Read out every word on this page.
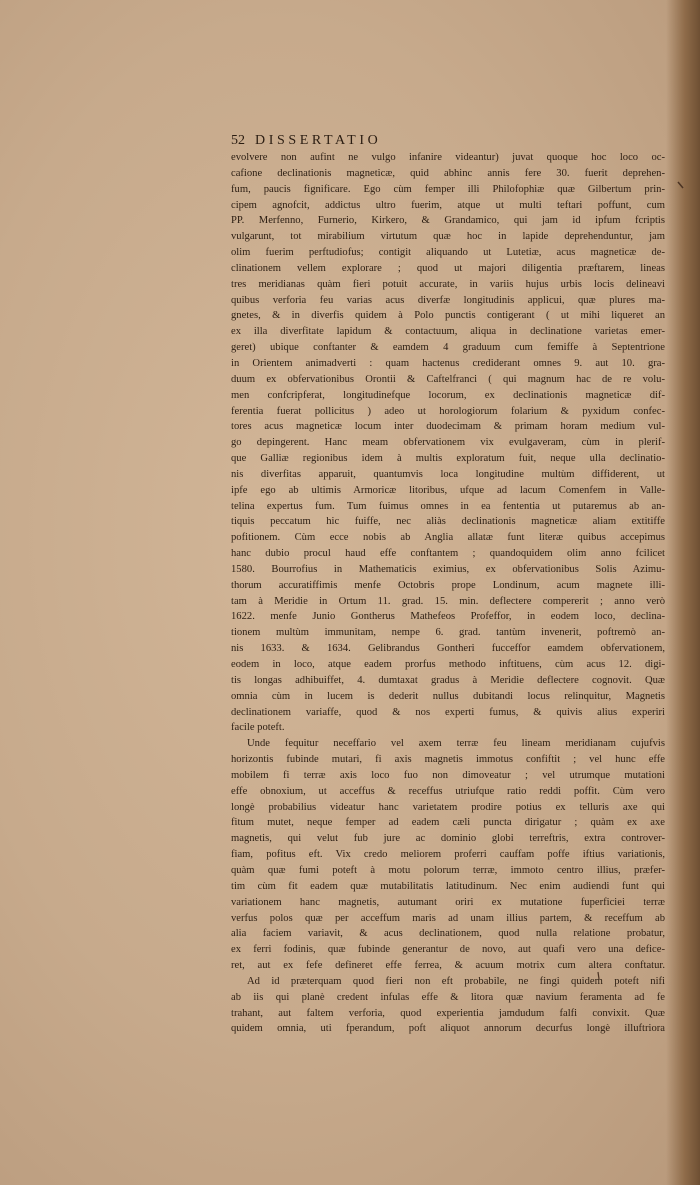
52 DISSERTATIO
evolvere non aufint ne vulgo infanire videantur) juvat quoque hoc loco oc-
cafione declinationis magneticæ, quid abhinc annis fere 30. fuerit deprehen-
fum, paucis fignificare. Ego cùm femper illi Philofophiæ quæ Gilbertum prin-
cipem agnofcit, addictus ultro fuerim, atque ut multi teftari poffunt, cum
PP. Merfenno, Furnerio, Kirkero, & Grandamico, qui jam id ipfum fcriptis
vulgarunt, tot mirabilium virtutum quæ hoc in lapide deprehenduntur, jam
olim fuerim perftudiofus; contigit aliquando ut Lutetiæ, acus magneticæ de-
clinationem vellem explorare ; quod ut majori diligentia præftarem, lineas
tres meridianas quàm fieri potuit accurate, in variis hujus urbis locis delineavi
quibus verforia feu varias acus diverfæ longitudinis applicui, quæ plures ma-
gnetes, & in diverfis quidem à Polo punctis contigerant ( ut mihi liqueret an
ex illa diverfitate lapidum & contactuum, aliqua in declinatione varietas emer-
geret) ubique conftanter & eamdem 4 graduum cum femiffe à Septentrione
in Orientem animadverti : quam hactenus crediderant omnes 9. aut 10. gra-
duum ex obfervationibus Orontii & Caftelfranci ( qui magnum hac de re volu-
men confcripferat, longitudinefque locorum, ex declinationis magneticæ dif-
ferentia fuerat pollicitus ) adeo ut horologiorum folarium & pyxidum confec-
tores acus magneticæ locum inter duodecimam & primam horam medium vul-
go depingerent. Hanc meam obfervationem vix evulgaveram, cùm in plerif-
que Galliæ regionibus idem à multis exploratum fuit, neque ulla declinatio-
nis diverfitas apparuit, quantumvis loca longitudine multùm diffiderent, ut
ipfe ego ab ultimis Armoricæ litoribus, ufque ad lacum Comenfem in Valle-
telina expertus fum. Tum fuimus omnes in ea fententia ut putaremus ab an-
tiquis peccatum hic fuiffe, nec aliàs declinationis magneticæ aliam extitiffe
pofitionem. Cùm ecce nobis ab Anglia allatæ funt literæ quibus accepimus
hanc dubio procul haud effe conftantem ; quandoquidem olim anno fcilicet
1580. Bourrofius in Mathematicis eximius, ex obfervationibus Solis Azimu-
thorum accuratiffimis menfe Octobris prope Londinum, acum magnete illi-
tam à Meridie in Ortum 11. grad. 15. min. deflectere compererit ; anno verò
1622. menfe Junio Gontherus Mathefeos Profeffor, in eodem loco, declina-
tionem multùm immunitam, nempe 6. grad. tantùm invenerit, poftremò an-
nis 1633. & 1634. Gelibrandus Gontheri fucceffor eamdem obfervationem,
eodem in loco, atque eadem prorfus methodo inftituens, cùm acus 12. digi-
tis longas adhibuiffet, 4. dumtaxat gradus à Meridie deflectere cognovit. Quæ
omnia cùm in lucem is dederit nullus dubitandi locus relinquitur, Magnetis
declinationem variaffe, quod & nos experti fumus, & quivis alius experiri
facile poteft.
Unde fequitur neceffario vel axem terræ feu lineam meridianam cujufvis
horizontis fubinde mutari, fi axis magnetis immotus confiftit ; vel hunc effe
mobilem fi terræ axis loco fuo non dimoveatur ; vel utrumque mutationi
effe obnoxium, ut acceffus & receffus utriufque ratio reddi poffit. Cùm vero
longè probabilius videatur hanc varietatem prodire potius ex telluris axe qui
fitum mutet, neque femper ad eadem cæli puncta dirigatur ; quàm ex axe
magnetis, qui velut fub jure ac dominio globi terreftris, extra controver-
fiam, pofitus eft. Vix credo meliorem proferri cauffam poffe iftius variationis,
quàm quæ fumi poteft à motu polorum terræ, immoto centro illius, præfer-
tim cùm fit eadem quæ mutabilitatis latitudinum. Nec enim audiendi funt qui
variationem hanc magnetis, autumant oriri ex mutatione fuperficiei terræ
verfus polos quæ per acceffum maris ad unam illius partem, & receffum ab
alia faciem variavit, & acus declinationem, quod nulla relatione probatur,
ex ferri fodinis, quæ fubinde generantur de novo, aut quafi vero una defice-
ret, aut ex fefe defineret effe ferrea, & acuum motrix cum altera conftatur.
Ad id præterquam quod fieri non eft probabile, ne fingi quidem poteft nifi
ab iis qui planè credent infulas effe & litora quæ navium feramenta ad fe
trahant, aut faltem verforia, quod experientia jamdudum falfi convixit. Quæ
quidem omnia, uti fperandum, poft aliquot annorum decurfus longè illuftriora
